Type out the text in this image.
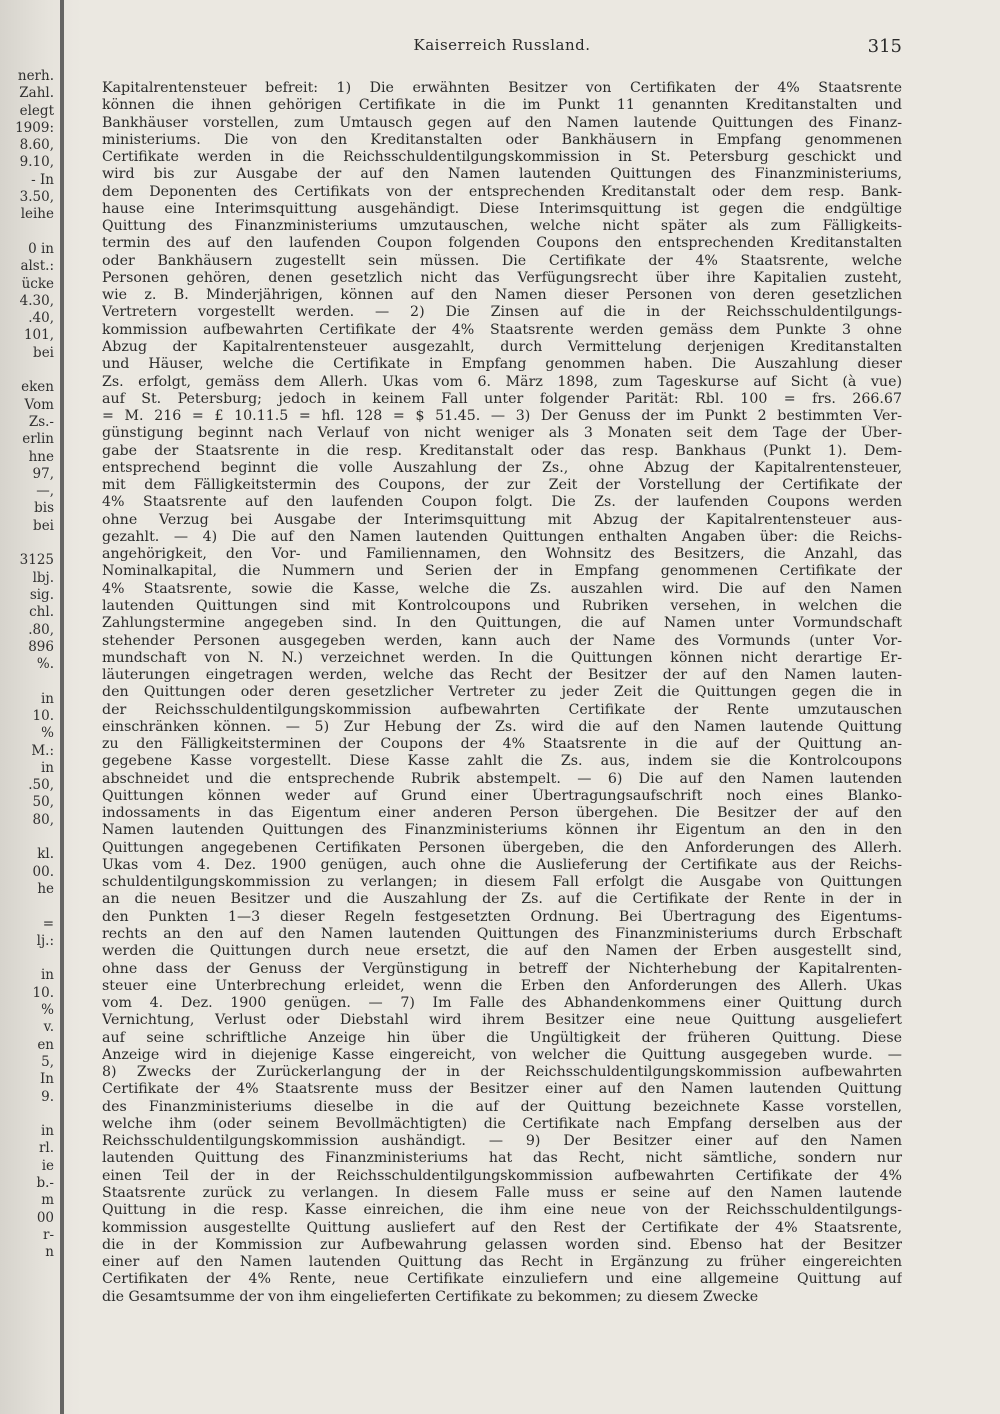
nerh.
Zahl.
elegt
1909:
8.60,
9.10,
- In
3.50,
leihe
0 in
alst.:
ücke
4.30,
.40,
101,
bei
eken
Vom
Zs.-
erlin
hne
97,
—,
bis
bei
3125
lbj.
sig.
chl.
.80,
896
%.
in
10.
%
M.:
in
.50,
50,
80,
kl.
00.
he
=
lj.:
in
10.
%
v.
en
5,
In
9.
in
rl.
ie
b.-
m
00
r-
n
Kaiserreich Russland.	315
Kapitalrentensteuer befreit: 1) Die erwähnten Besitzer von Certifikaten der 4% Staatsrente
können die ihnen gehörigen Certifikate in die im Punkt 11 genannten Kreditanstalten und
Bankhäuser vorstellen, zum Umtausch gegen auf den Namen lautende Quittungen des Finanz-
ministeriums. Die von den Kreditanstalten oder Bankhäusern in Empfang genommenen
Certifikate werden in die Reichsschuldentilgungskommission in St. Petersburg geschickt und
wird bis zur Ausgabe der auf den Namen lautenden Quittungen des Finanzministeriums,
dem Deponenten des Certifikats von der entsprechenden Kreditanstalt oder dem resp. Bank-
hause eine Interimsquittung ausgehändigt. Diese Interimsquittung ist gegen die endgültige
Quittung des Finanzministeriums umzutauschen, welche nicht später als zum Fälligkeits-
termin des auf den laufenden Coupon folgenden Coupons den entsprechenden Kreditanstalten
oder Bankhäusern zugestellt sein müssen. Die Certifikate der 4% Staatsrente, welche
Personen gehören, denen gesetzlich nicht das Verfügungsrecht über ihre Kapitalien zusteht,
wie z. B. Minderjährigen, können auf den Namen dieser Personen von deren gesetzlichen
Vertretern vorgestellt werden. — 2) Die Zinsen auf die in der Reichsschuldentilgungs-
kommission aufbewahrten Certifikate der 4% Staatsrente werden gemäss dem Punkte 3 ohne
Abzug der Kapitalrentensteuer ausgezahlt, durch Vermittelung derjenigen Kreditanstalten
und Häuser, welche die Certifikate in Empfang genommen haben. Die Auszahlung dieser
Zs. erfolgt, gemäss dem Allerh. Ukas vom 6. März 1898, zum Tageskurse auf Sicht (à vue)
auf St. Petersburg; jedoch in keinem Fall unter folgender Parität: Rbl. 100 = frs. 266.67
= M. 216 = £ 10.11.5 = hfl. 128 = $ 51.45. — 3) Der Genuss der im Punkt 2 bestimmten Ver-
günstigung beginnt nach Verlauf von nicht weniger als 3 Monaten seit dem Tage der Über-
gabe der Staatsrente in die resp. Kreditanstalt oder das resp. Bankhaus (Punkt 1). Dem-
entsprechend beginnt die volle Auszahlung der Zs., ohne Abzug der Kapitalrentensteuer,
mit dem Fälligkeitstermin des Coupons, der zur Zeit der Vorstellung der Certifikate der
4% Staatsrente auf den laufenden Coupon folgt. Die Zs. der laufenden Coupons werden
ohne Verzug bei Ausgabe der Interimsquittung mit Abzug der Kapitalrentensteuer aus-
gezahlt. — 4) Die auf den Namen lautenden Quittungen enthalten Angaben über: die Reichs-
angehörigkeit, den Vor- und Familiennamen, den Wohnsitz des Besitzers, die Anzahl, das
Nominalkapital, die Nummern und Serien der in Empfang genommenen Certifikate der
4% Staatsrente, sowie die Kasse, welche die Zs. auszahlen wird. Die auf den Namen
lautenden Quittungen sind mit Kontrolcoupons und Rubriken versehen, in welchen die
Zahlungstermine angegeben sind. In den Quittungen, die auf Namen unter Vormundschaft
stehender Personen ausgegeben werden, kann auch der Name des Vormunds (unter Vor-
mundschaft von N. N.) verzeichnet werden. In die Quittungen können nicht derartige Er-
läuterungen eingetragen werden, welche das Recht der Besitzer der auf den Namen lauten-
den Quittungen oder deren gesetzlicher Vertreter zu jeder Zeit die Quittungen gegen die in
der Reichsschuldentilgungskommission aufbewahrten Certifikate der Rente umzutauschen
einschränken können. — 5) Zur Hebung der Zs. wird die auf den Namen lautende Quittung
zu den Fälligkeitsterminen der Coupons der 4% Staatsrente in die auf der Quittung an-
gegebene Kasse vorgestellt. Diese Kasse zahlt die Zs. aus, indem sie die Kontrolcoupons
abschneidet und die entsprechende Rubrik abstempelt. — 6) Die auf den Namen lautenden
Quittungen können weder auf Grund einer Übertragungsaufschrift noch eines Blanko-
indossaments in das Eigentum einer anderen Person übergehen. Die Besitzer der auf den
Namen lautenden Quittungen des Finanzministeriums können ihr Eigentum an den in den
Quittungen angegebenen Certifikaten Personen übergeben, die den Anforderungen des Allerh.
Ukas vom 4. Dez. 1900 genügen, auch ohne die Auslieferung der Certifikate aus der Reichs-
schuldentilgungskommission zu verlangen; in diesem Fall erfolgt die Ausgabe von Quittungen
an die neuen Besitzer und die Auszahlung der Zs. auf die Certifikate der Rente in der in
den Punkten 1—3 dieser Regeln festgesetzten Ordnung. Bei Übertragung des Eigentums-
rechts an den auf den Namen lautenden Quittungen des Finanzministeriums durch Erbschaft
werden die Quittungen durch neue ersetzt, die auf den Namen der Erben ausgestellt sind,
ohne dass der Genuss der Vergünstigung in betreff der Nichterhebung der Kapitalrenten-
steuer eine Unterbrechung erleidet, wenn die Erben den Anforderungen des Allerh. Ukas
vom 4. Dez. 1900 genügen. — 7) Im Falle des Abhandenkommens einer Quittung durch
Vernichtung, Verlust oder Diebstahl wird ihrem Besitzer eine neue Quittung ausgeliefert
auf seine schriftliche Anzeige hin über die Ungültigkeit der früheren Quittung. Diese
Anzeige wird in diejenige Kasse eingereicht, von welcher die Quittung ausgegeben wurde. —
8) Zwecks der Zurückerlangung der in der Reichsschuldentilgungskommission aufbewahrten
Certifikate der 4% Staatsrente muss der Besitzer einer auf den Namen lautenden Quittung
des Finanzministeriums dieselbe in die auf der Quittung bezeichnete Kasse vorstellen,
welche ihm (oder seinem Bevollmächtigten) die Certifikate nach Empfang derselben aus der
Reichsschuldentilgungskommission aushändigt. — 9) Der Besitzer einer auf den Namen
lautenden Quittung des Finanzministeriums hat das Recht, nicht sämtliche, sondern nur
einen Teil der in der Reichsschuldentilgungskommission aufbewahrten Certifikate der 4%
Staatsrente zurück zu verlangen. In diesem Falle muss er seine auf den Namen lautende
Quittung in die resp. Kasse einreichen, die ihm eine neue von der Reichsschuldentilgungs-
kommission ausgestellte Quittung ausliefert auf den Rest der Certifikate der 4% Staatsrente,
die in der Kommission zur Aufbewahrung gelassen worden sind. Ebenso hat der Besitzer
einer auf den Namen lautenden Quittung das Recht in Ergänzung zu früher eingereichten
Certifikaten der 4% Rente, neue Certifikate einzuliefern und eine allgemeine Quittung auf
die Gesamtsumme der von ihm eingelieferten Certifikate zu bekommen; zu diesem Zwecke
